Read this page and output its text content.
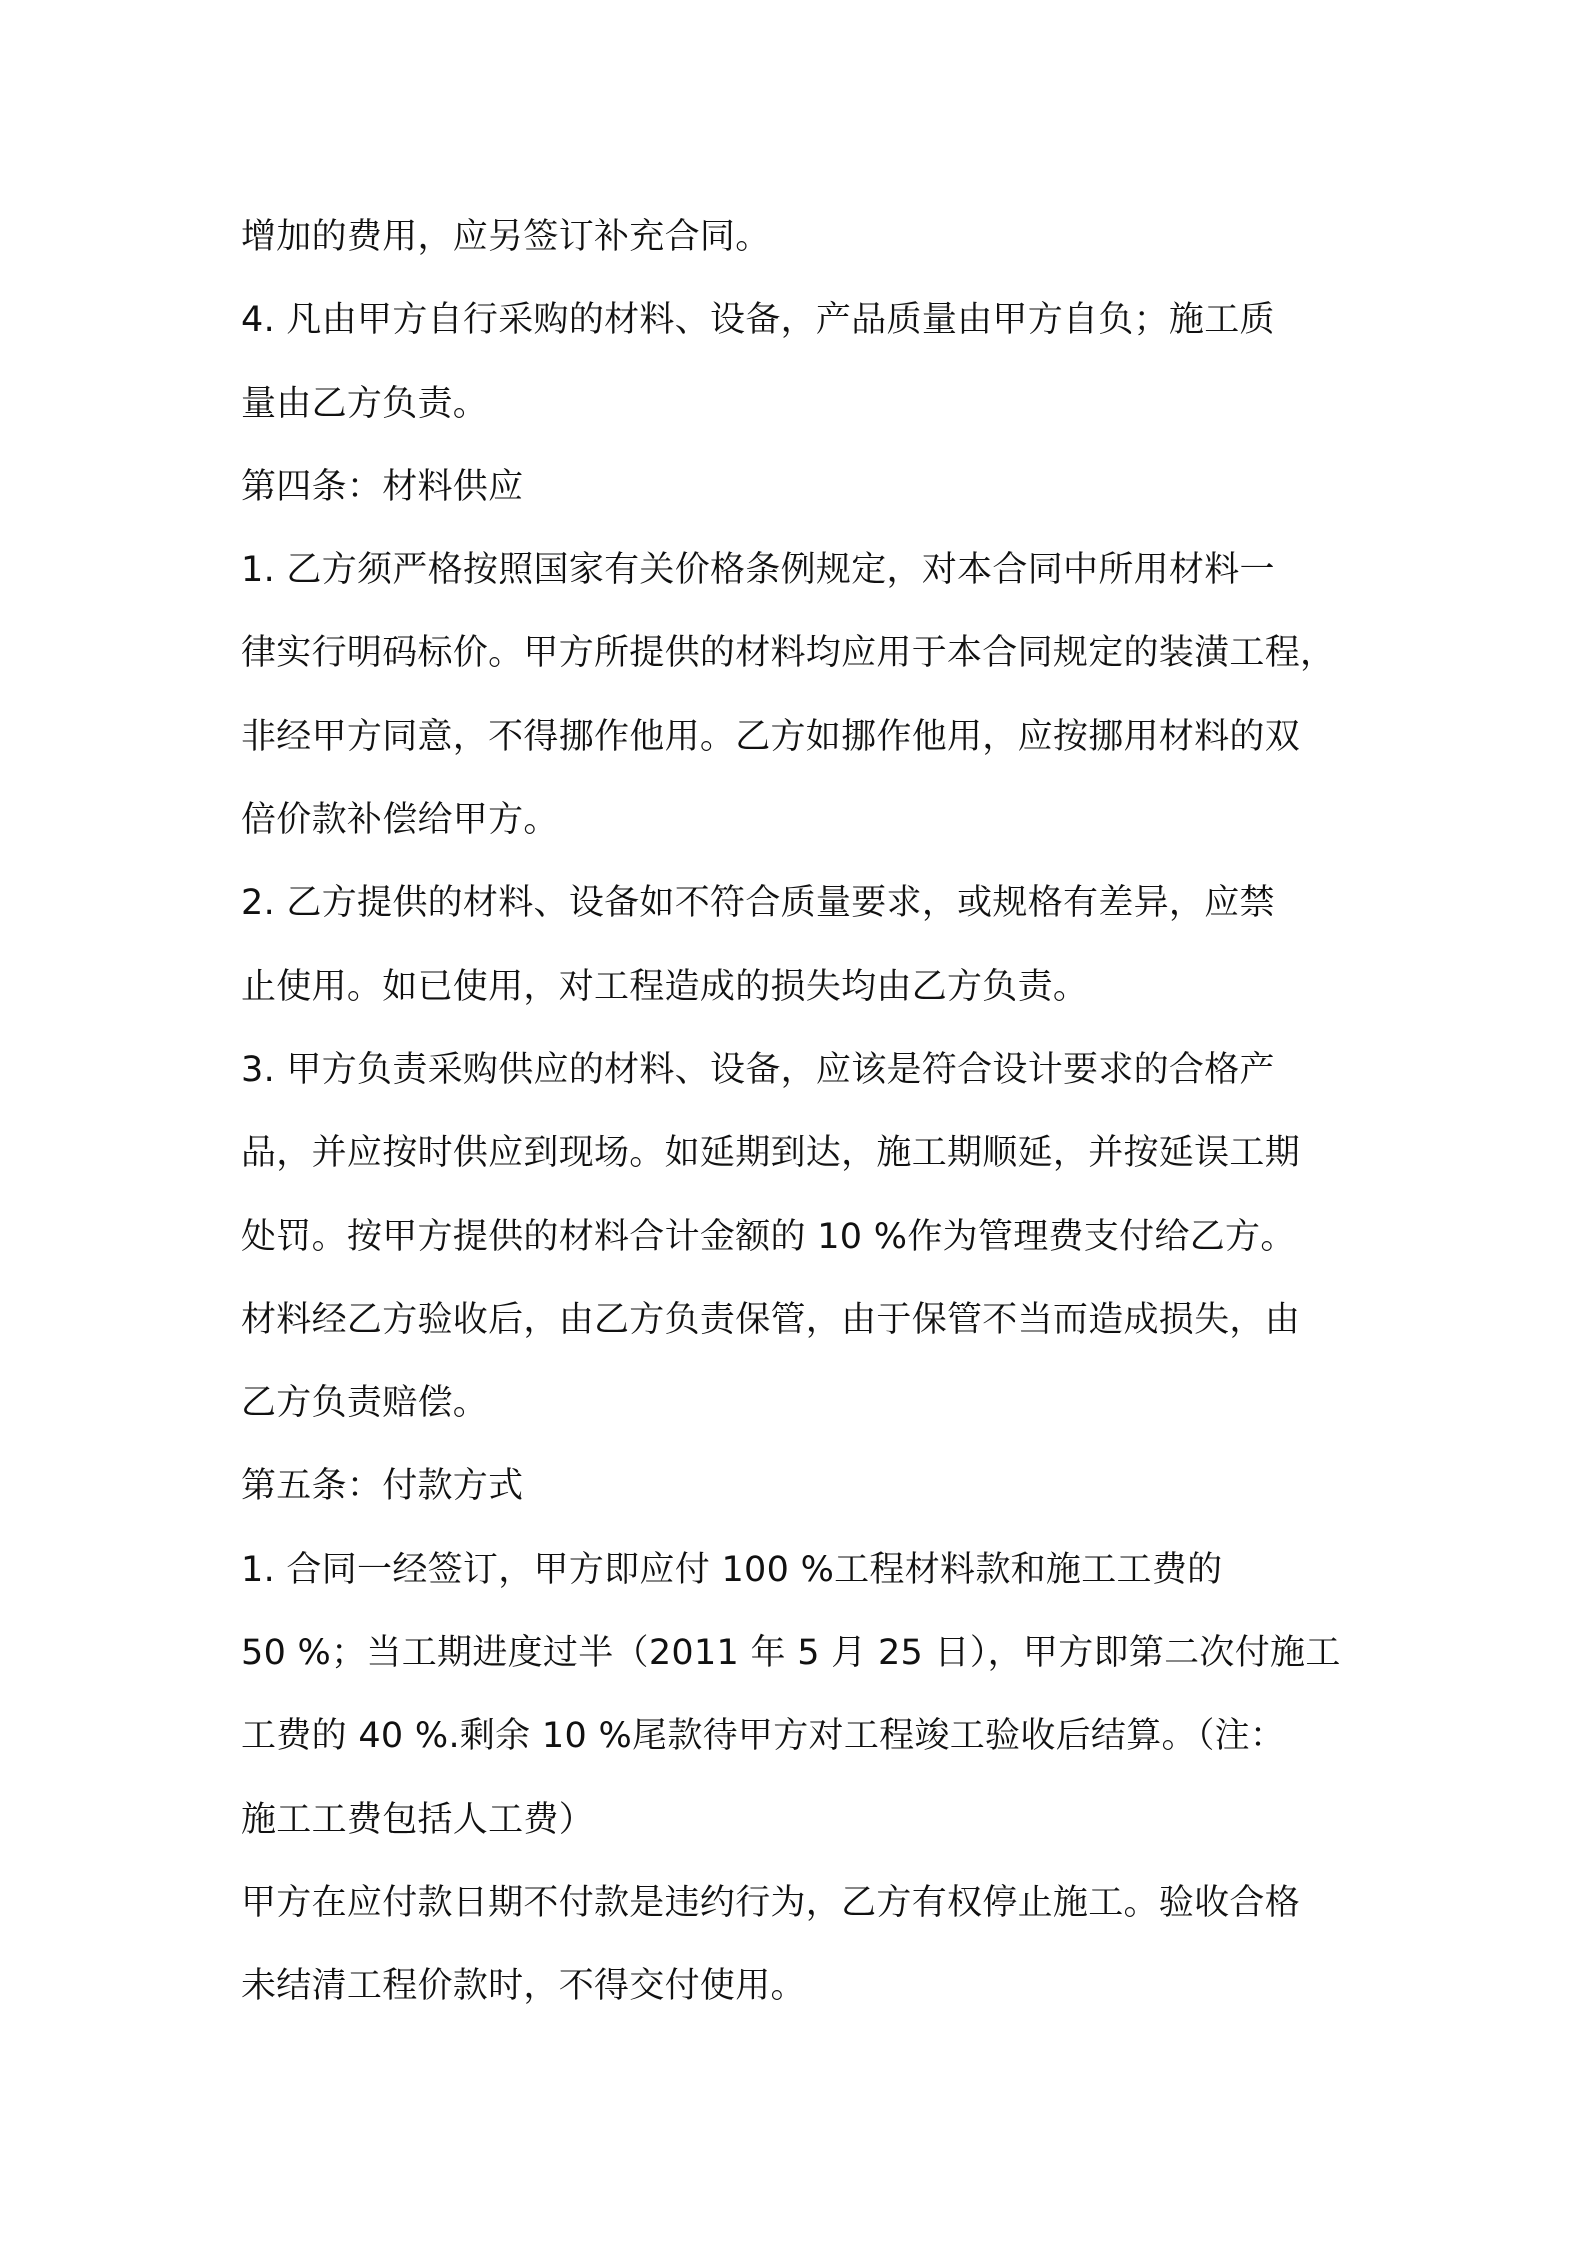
增加的费用，应另签订补充合同。
4. 凡由甲方自行采购的材料、设备，产品质量由甲方自负；施工质
量由乙方负责。
第四条：材料供应
1. 乙方须严格按照国家有关价格条例规定，对本合同中所用材料一
律实行明码标价。甲方所提供的材料均应用于本合同规定的装潢工程，
非经甲方同意，不得挪作他用。乙方如挪作他用，应按挪用材料的双
倍价款补偿给甲方。
2. 乙方提供的材料、设备如不符合质量要求，或规格有差异，应禁
止使用。如已使用，对工程造成的损失均由乙方负责。
3. 甲方负责采购供应的材料、设备，应该是符合设计要求的合格产
品，并应按时供应到现场。如延期到达，施工期顺延，并按延误工期
处罚。按甲方提供的材料合计金额的 10 %作为管理费支付给乙方。
材料经乙方验收后，由乙方负责保管，由于保管不当而造成损失，由
乙方负责赔偿。
第五条：付款方式
1. 合同一经签订，甲方即应付 100 %工程材料款和施工工费的
50 %；当工期进度过半（2011 年 5 月 25 日），甲方即第二次付施工
工费的 40 %.剩余 10 %尾款待甲方对工程竣工验收后结算。（注：
施工工费包括人工费）
甲方在应付款日期不付款是违约行为，乙方有权停止施工。验收合格
未结清工程价款时，不得交付使用。
